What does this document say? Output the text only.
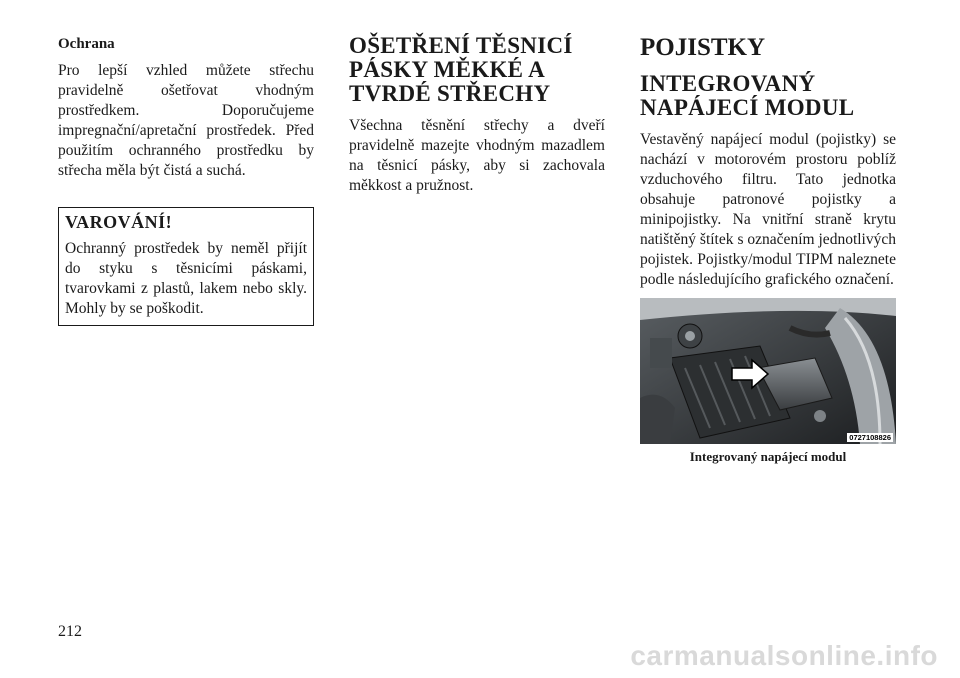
Ochrana

Pro lepší vzhled můžete střechu pravidelně ošetřovat vhodným prostředkem. Doporučujeme impregnační/apretační prostředek. Před použitím ochranného prostředku by střecha měla být čistá a suchá.

VAROVÁNÍ!

Ochranný prostředek by neměl přijít do styku s těsnicími páskami, tvarovkami z plastů, lakem nebo skly. Mohly by se poškodit.

OŠETŘENÍ TĚSNICÍ PÁSKY MĚKKÉ A TVRDÉ STŘECHY

Všechna těsnění střechy a dveří pravidelně mazejte vhodným mazadlem na těsnicí pásky, aby si zachovala měkkost a pružnost.

POJISTKY
INTEGROVANÝ NAPÁJECÍ MODUL

Vestavěný napájecí modul (pojistky) se nachází v motorovém prostoru poblíž vzduchového filtru. Tato jednotka obsahuje patronové pojistky a minipojistky. Na vnitřní straně krytu natištěný štítek s označením jednotlivých pojistek. Pojistky/modul TIPM naleznete podle následujícího grafického označení.

0727108826
Integrovaný napájecí modul
212
carmanualsonline.info
